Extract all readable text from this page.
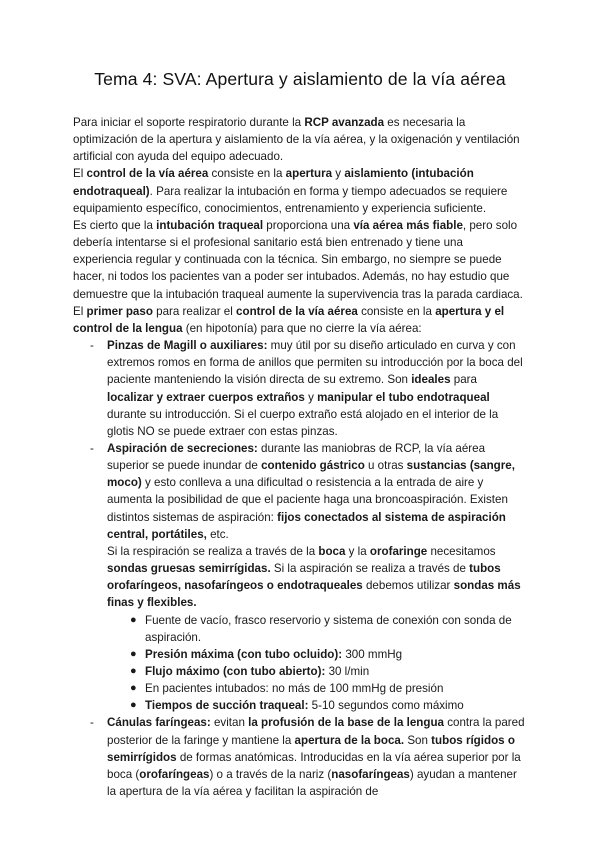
Tema 4: SVA: Apertura y aislamiento de la vía aérea

Para iniciar el soporte respiratorio durante la RCP avanzada es necesaria la optimización de la apertura y aislamiento de la vía aérea, y la oxigenación y ventilación artificial con ayuda del equipo adecuado.

El control de la vía aérea consiste en la apertura y aislamiento (intubación endotraqueal). Para realizar la intubación en forma y tiempo adecuados se requiere equipamiento específico, conocimientos, entrenamiento y experiencia suficiente.

Es cierto que la intubación traqueal proporciona una vía aérea más fiable, pero solo debería intentarse si el profesional sanitario está bien entrenado y tiene una experiencia regular y continuada con la técnica. Sin embargo, no siempre se puede hacer, ni todos los pacientes van a poder ser intubados. Además, no hay estudio que demuestre que la intubación traqueal aumente la supervivencia tras la parada cardiaca.

El primer paso para realizar el control de la vía aérea consiste en la apertura y el control de la lengua (en hipotonía) para que no cierre la vía aérea:

- Pinzas de Magill o auxiliares: muy útil por su diseño articulado en curva y con extremos romos en forma de anillos que permiten su introducción por la boca del paciente manteniendo la visión directa de su extremo. Son ideales para localizar y extraer cuerpos extraños y manipular el tubo endotraqueal durante su introducción. Si el cuerpo extraño está alojado en el interior de la glotis NO se puede extraer con estas pinzas.

- Aspiración de secreciones: durante las maniobras de RCP, la vía aérea superior se puede inundar de contenido gástrico u otras sustancias (sangre, moco) y esto conlleva a una dificultad o resistencia a la entrada de aire y aumenta la posibilidad de que el paciente haga una broncoaspiración. Existen distintos sistemas de aspiración: fijos conectados al sistema de aspiración central, portátiles, etc.

Si la respiración se realiza a través de la boca y la orofaringe necesitamos sondas gruesas semirrígidas. Si la aspiración se realiza a través de tubos orofaríngeos, nasofaríngeos o endotraqueales debemos utilizar sondas más finas y flexibles.

● Fuente de vacío, frasco reservorio y sistema de conexión con sonda de aspiración.
● Presión máxima (con tubo ocluido): 300 mmHg
● Flujo máximo (con tubo abierto): 30 l/min
● En pacientes intubados: no más de 100 mmHg de presión
● Tiempos de succión traqueal: 5-10 segundos como máximo
- Cánulas faríngeas: evitan la profusión de la base de la lengua contra la pared posterior de la faringe y mantiene la apertura de la boca. Son tubos rígidos o semirrígidos de formas anatómicas. Introducidas en la vía aérea superior por la boca (orofaríngeas) o a través de la nariz (nasofaríngeas) ayudan a mantener la apertura de la vía aérea y facilitan la aspiración de
